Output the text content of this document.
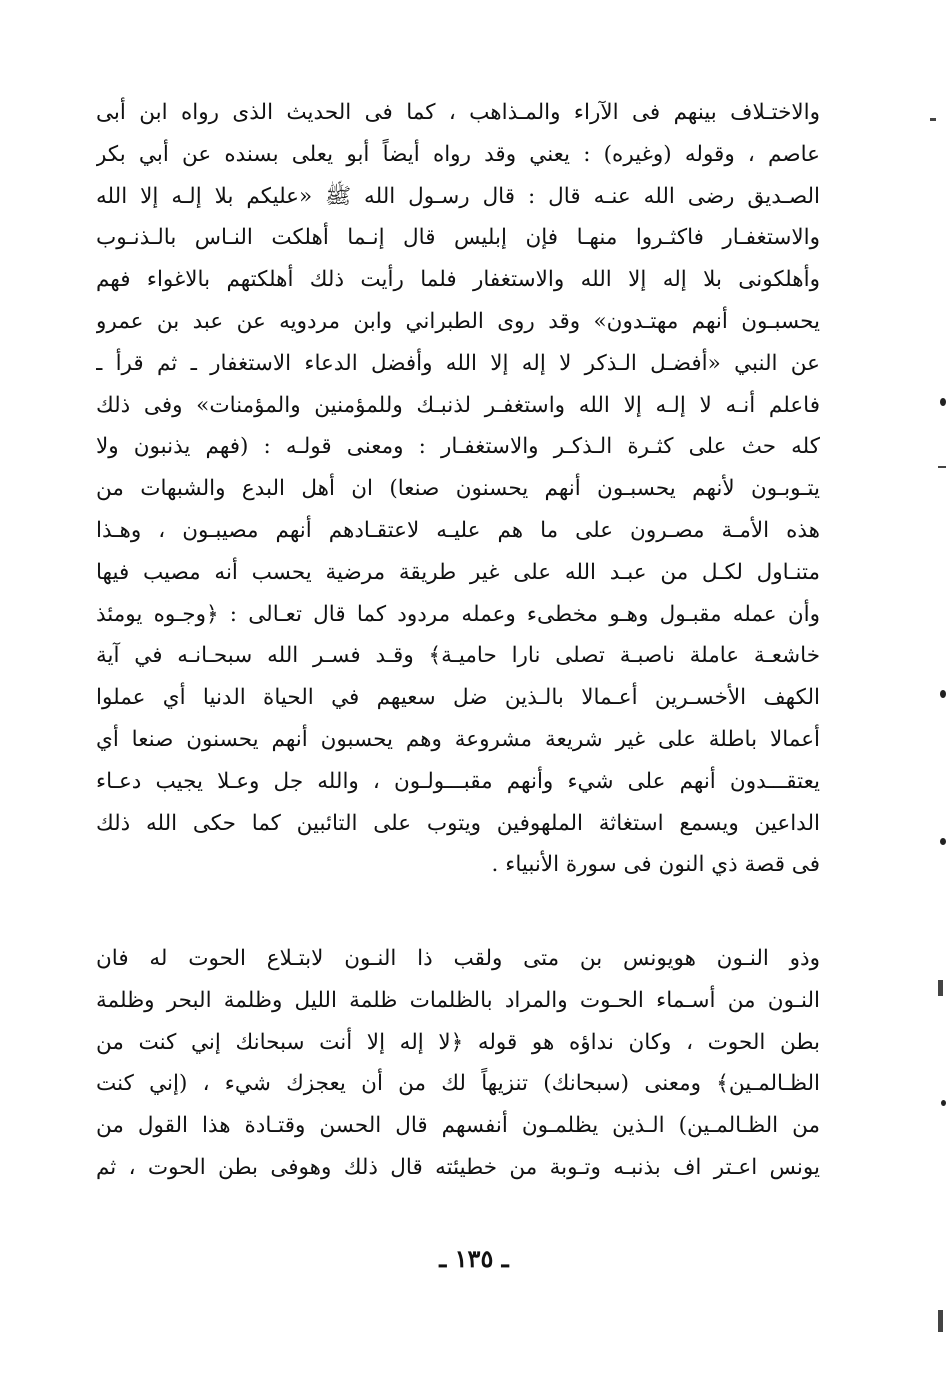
والاختـلاف بينهم فى الآراء والمـذاهب ، كما فى الحديث الذى رواه ابن أبى
عاصم ، وقوله (وغيره) : يعني وقد رواه أيضاً أبو يعلى بسنده عن أبي بكر
الصـديق رضى الله عنـه قال : قال رسـول الله ﷺ «عليكم بلا إلـه إلا الله
والاستغفـار فاكثـروا منهـا فإن إبليس قال إنـما أهلكت النـاس بالـذنـوب
وأهلكونى بلا إله إلا الله والاستغفار فلما رأيت ذلك أهلكتهم بالاغواء فهم
يحسبـون أنهم مهتـدون» وقد روى الطبراني وابن مردويه عن عبد بن عمرو
عن النبي «أفضـل الـذكر لا إله إلا الله وأفضل الدعاء الاستغفار ـ ثم قرأ ـ
فاعلم أنـه لا إلـه إلا الله واستغفـر لذنبـك وللمؤمنين والمؤمنات» وفى ذلك
كله حث على كثـرة الـذكـر والاستغفـار : ومعنى قولـه : (فهم يذنبون ولا
يتـوبـون لأنهم يحسبـون أنهم يحسنون صنعا) ان أهل البدع والشبهات من
هذه الأمـة مصـرون على ما هم عليـه لاعتقـادهم أنهم مصيبـون ، وهـذا
متنـاول لكـل من عبـد الله على غير طريقة مرضية يحسب أنه مصيب فيها
وأن عمله مقبـول وهـو مخطىء وعمله مردود كما قال تعـالى : ﴿وجـوه يومئذ
خاشعـة عاملة ناصبـة تصلى نارا حاميـة﴾ وقـد فسـر الله سبحـانـه في آية
الكهف الأخسـرين أعـمالا بالـذين ضل سعيهم في الحياة الدنيا أي عملوا
أعمالا باطلة على غير شريعة مشروعة وهم يحسبون أنهم يحسنون صنعا أي
يعتقـــدون أنهم على شيء وأنهم مقبـــولـون ، والله جل وعـلا يجيب دعـاء
الداعين ويسمع استغاثة الملهوفين ويتوب على التائبين كما حكى الله ذلك
فى قصة ذي النون فى سورة الأنبياء .
وذو النـون هويونس بن متى ولقب ذا النـون لابتـلاع الحوت له فان
النـون من أسـماء الحـوت والمراد بالظلمات ظلمة الليل وظلمة البحر وظلمة
بطن الحوت ، وكان نداؤه هو قوله ﴿لا إله إلا أنت سبحانك إني كنت من
الظـالمـين﴾ ومعنى (سبحانك) تنزيهاً لك من أن يعجزك شيء ، (إني كنت
من الظـالمـين) الـذين يظلمـون أنفسهم قال الحسن وقتـادة هذا القول من
يونس اعـتر اف بذنبـه وتـوبة من خطيئته قال ذلك وهوفى بطن الحوت ، ثم
ـ ١٣٥ ـ
